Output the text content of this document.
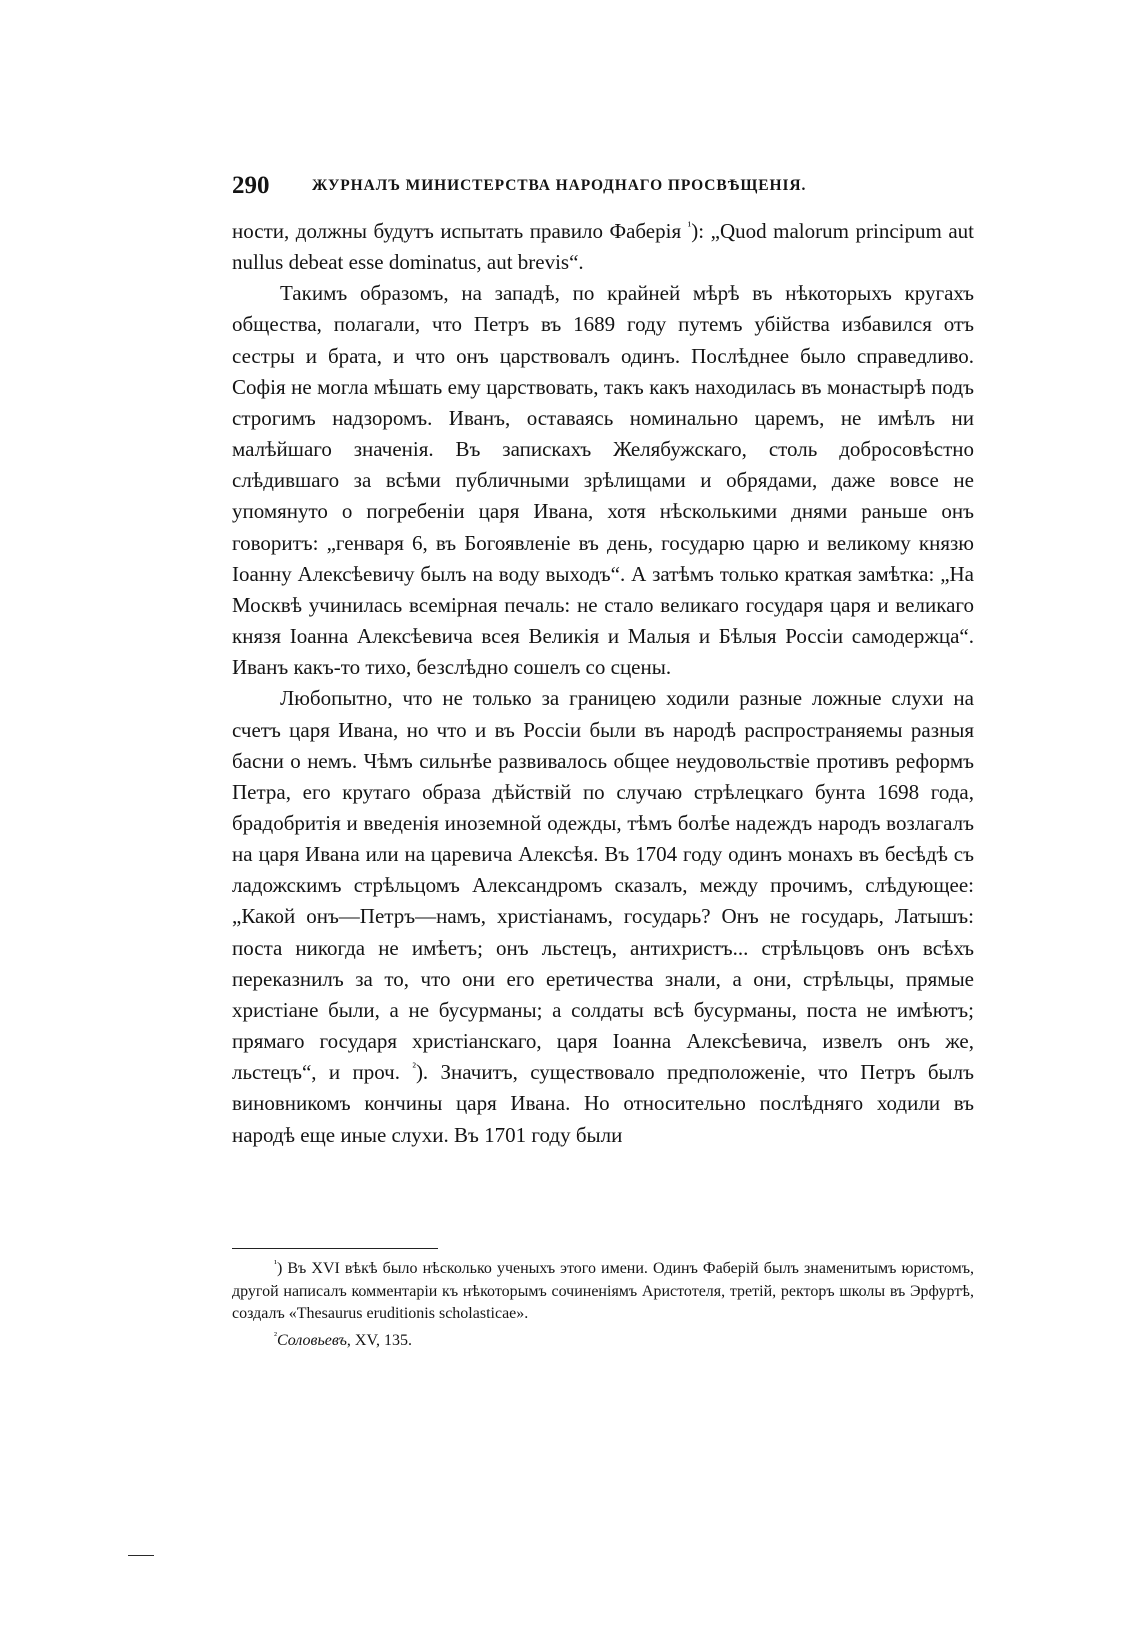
290	ЖУРНАЛЪ МИНИСТЕРСТВА НАРОДНАГО ПРОСВѢЩЕНІЯ.

ности, должны будутъ испытать правило Фаберія $^{^1}$): „Quod malorum principum aut nullus debeat esse dominatus, aut brevis“.

Такимъ образомъ, на западѣ, по крайней мѣрѣ въ нѣкоторыхъ кругахъ общества, полагали, что Петръ въ 1689 году путемъ убійства избавился отъ сестры и брата, и что онъ царствовалъ одинъ. Послѣднее было справедливо. Софія не могла мѣшать ему царствовать, такъ какъ находилась въ монастырѣ подъ строгимъ надзоромъ. Иванъ, оставаясь номинально царемъ, не имѣлъ ни малѣйшаго значенія. Въ запискахъ Желябужскаго, столь добросовѣстно слѣдившаго за всѣми публичными зрѣлищами и обрядами, даже вовсе не упомянуто о погребеніи царя Ивана, хотя нѣсколькими днями раньше онъ говоритъ: „генваря 6, въ Богоявленіе въ день, государю царю и великому князю Іоанну Алексѣевичу былъ на воду выходъ“. А затѣмъ только краткая замѣтка: „На Москвѣ учинилась всемірная печаль: не стало великаго государя царя и великаго князя Іоанна Алексѣевича всея Великія и Малыя и Бѣлыя Россіи самодержца“. Иванъ какъ-то тихо, безслѣдно сошелъ со сцены.

Любопытно, что не только за границею ходили разные ложные слухи на счетъ царя Ивана, но что и въ Россіи были въ народѣ распространяемы разныя басни о немъ. Чѣмъ сильнѣе развивалось общее неудовольствіе противъ реформъ Петра, его крутаго образа дѣйствій по случаю стрѣлецкаго бунта 1698 года, брадобритія и введенія иноземной одежды, тѣмъ болѣе надеждъ народъ возлагалъ на царя Ивана или на царевича Алексѣя. Въ 1704 году одинъ монахъ въ бесѣдѣ съ ладожскимъ стрѣльцомъ Александромъ сказалъ, между прочимъ, слѣдующее: „Какой онъ—Петръ—намъ, христіанамъ, государь? Онъ не государь, Латышъ: поста никогда не имѣетъ; онъ льстецъ, антихристъ... стрѣльцовъ онъ всѣхъ переказнилъ за то, что они его еретичества знали, а они, стрѣльцы, прямые христіане были, а не бусурманы; а солдаты всѣ бусурманы, поста не имѣютъ; прямаго государя христіанскаго, царя Іоанна Алексѣевича, извелъ онъ же, льстецъ“, и проч. $^{^2}$). Значитъ, существовало предположеніе, что Петръ былъ виновникомъ кончины царя Ивана. Но относительно послѣдняго ходили въ народѣ еще иные слухи. Въ 1701 году были

$^{^1}$) Въ XVI вѣкѣ было нѣсколько ученыхъ этого имени. Одинъ Фаберій былъ знаменитымъ юристомъ, другой написалъ комментаріи къ нѣкоторымъ сочиненіямъ Аристотеля, третій, ректоръ школы въ Эрфуртѣ, создалъ «Thesaurus eruditionis scholasticae».

$^{^2}$Соловьевъ, XV, 135.
